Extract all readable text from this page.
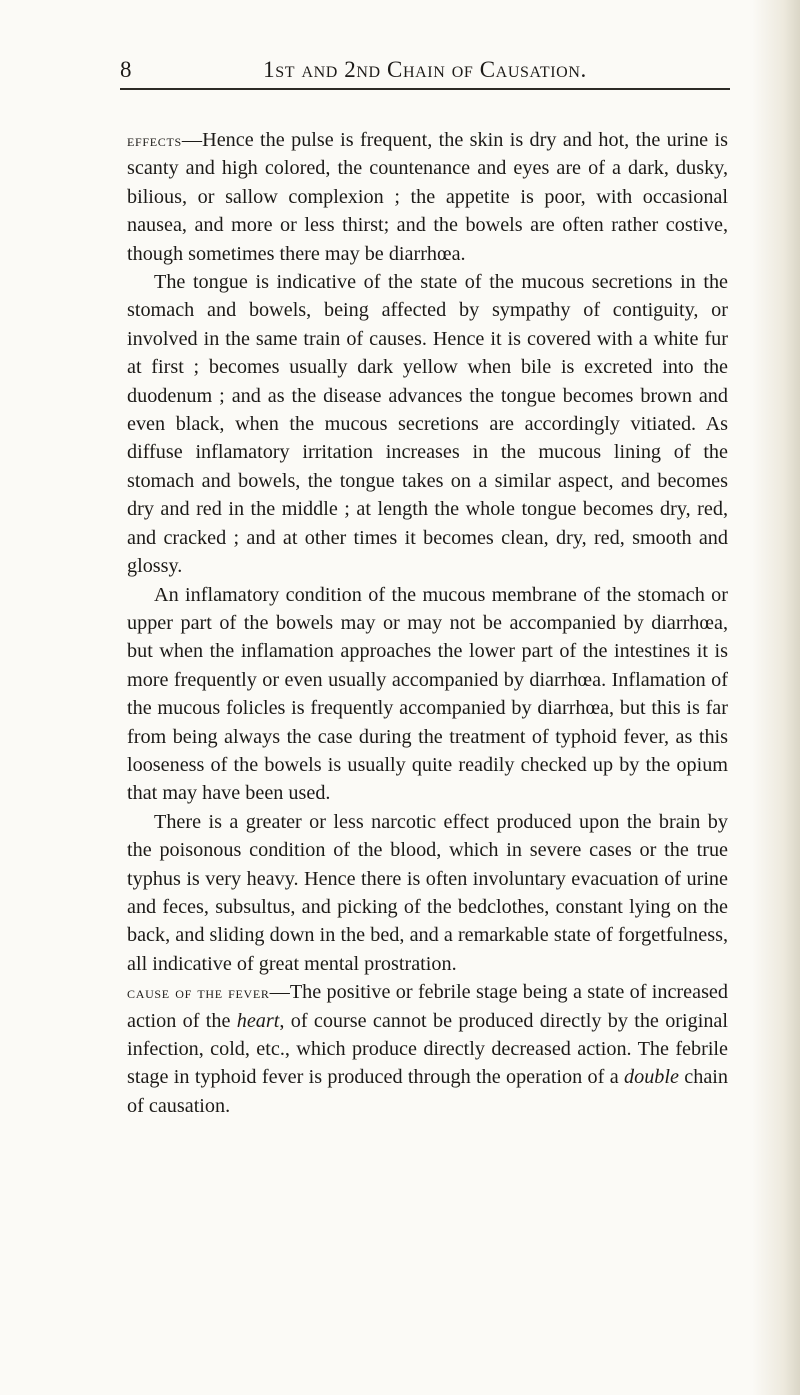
8	1st and 2nd Chain of Causation.

effects—Hence the pulse is frequent, the skin is dry and hot, the urine is scanty and high colored, the countenance and eyes are of a dark, dusky, bilious, or sallow complexion ; the appetite is poor, with occasional nausea, and more or less thirst; and the bowels are often rather costive, though sometimes there may be diarrhœa.

The tongue is indicative of the state of the mucous secretions in the stomach and bowels, being affected by sympathy of contiguity, or involved in the same train of causes. Hence it is covered with a white fur at first ; becomes usually dark yellow when bile is excreted into the duodenum ; and as the disease advances the tongue becomes brown and even black, when the mucous secretions are accordingly vitiated. As diffuse inflamatory irritation increases in the mucous lining of the stomach and bowels, the tongue takes on a similar aspect, and becomes dry and red in the middle ; at length the whole tongue becomes dry, red, and cracked ; and at other times it becomes clean, dry, red, smooth and glossy.

An inflamatory condition of the mucous membrane of the stomach or upper part of the bowels may or may not be accompanied by diarrhœa, but when the inflamation approaches the lower part of the intestines it is more frequently or even usually accompanied by diarrhœa. Inflamation of the mucous folicles is frequently accompanied by diarrhœa, but this is far from being always the case during the treatment of typhoid fever, as this looseness of the bowels is usually quite readily checked up by the opium that may have been used.

There is a greater or less narcotic effect produced upon the brain by the poisonous condition of the blood, which in severe cases or the true typhus is very heavy. Hence there is often involuntary evacuation of urine and feces, subsultus, and picking of the bedclothes, constant lying on the back, and sliding down in the bed, and a remarkable state of forgetfulness, all indicative of great mental prostration.

cause of the fever—The positive or febrile stage being a state of increased action of the heart, of course cannot be produced directly by the original infection, cold, etc., which produce directly decreased action. The febrile stage in typhoid fever is produced through the operation of a double chain of causation.
